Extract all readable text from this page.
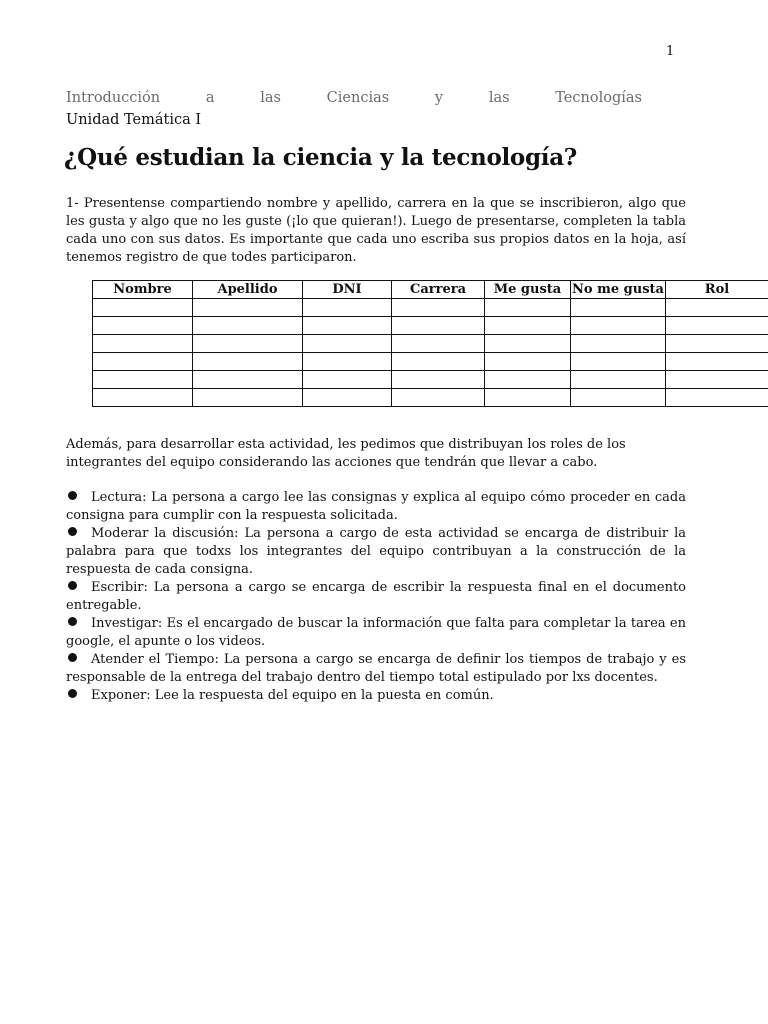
1
Introducción	a	las	Ciencias	y	las	Tecnologías
Unidad Temática I
¿Qué estudian la ciencia y la tecnología?

1- Presentense compartiendo nombre y apellido, carrera en la que se inscribieron, algo que les gusta y algo que no les guste (¡lo que quieran!). Luego de presentarse, completen la tabla cada uno con sus datos. Es importante que cada uno escriba sus propios datos en la hoja, así tenemos registro de que todes participaron.

Nombre	Apellido	DNI	Carrera	Me gusta	No me gusta	Rol

Además, para desarrollar esta actividad, les pedimos que distribuyan los roles de los integrantes del equipo considerando las acciones que tendrán que llevar a cabo.

Lectura: La persona a cargo lee las consignas y explica al equipo cómo proceder en cada consigna para cumplir con la respuesta solicitada.
Moderar la discusión: La persona a cargo de esta actividad se encarga de distribuir la palabra para que todxs los integrantes del equipo contribuyan a la construcción de la respuesta de cada consigna.
Escribir: La persona a cargo se encarga de escribir la respuesta final en el documento entregable.
Investigar: Es el encargado de buscar la información que falta para completar la tarea en google, el apunte o los videos.
Atender el Tiempo: La persona a cargo se encarga de definir los tiempos de trabajo y es responsable de la entrega del trabajo dentro del tiempo total estipulado por lxs docentes.
Exponer: Lee la respuesta del equipo en la puesta en común.
